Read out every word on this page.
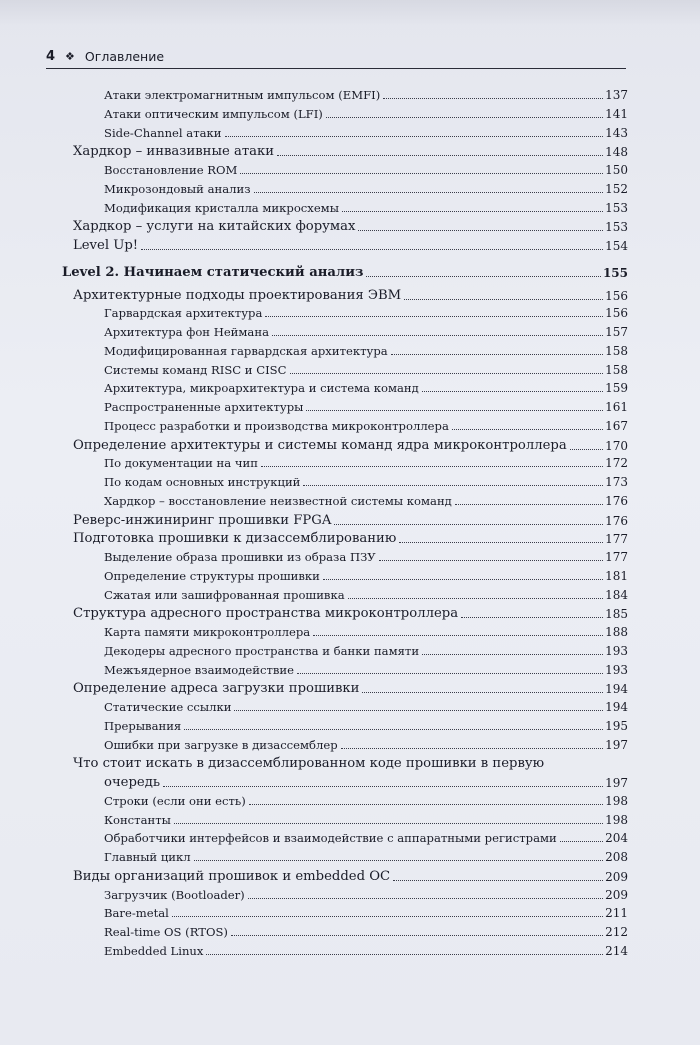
4 ❖ Оглавление
Атаки электромагнитным импульсом (EMFI)	137
Атаки оптическим импульсом (LFI)	141
Side-Channel атаки	143
Хардкор – инвазивные атаки	148
Восстановление ROM	150
Микрозондовый анализ	152
Модификация кристалла микросхемы	153
Хардкор – услуги на китайских форумах	153
Level Up!	154
Level 2. Начинаем статический анализ	155
Архитектурные подходы проектирования ЭВМ	156
Гарвардская архитектура	156
Архитектура фон Неймана	157
Модифицированная гарвардская архитектура	158
Системы команд RISC и CISC	158
Архитектура, микроархитектура и система команд	159
Распространенные архитектуры	161
Процесс разработки и производства микроконтроллера	167
Определение архитектуры и системы команд ядра микроконтроллера	170
По документации на чип	172
По кодам основных инструкций	173
Хардкор – восстановление неизвестной системы команд	176
Реверс-инжиниринг прошивки FPGA	176
Подготовка прошивки к дизассемблированию	177
Выделение образа прошивки из образа ПЗУ	177
Определение структуры прошивки	181
Сжатая или зашифрованная прошивка	184
Структура адресного пространства микроконтроллера	185
Карта памяти микроконтроллера	188
Декодеры адресного пространства и банки памяти	193
Межъядерное взаимодействие	193
Определение адреса загрузки прошивки	194
Статические ссылки	194
Прерывания	195
Ошибки при загрузке в дизассемблер	197
Что стоит искать в дизассемблированном коде прошивки в первую
очередь	197
Строки (если они есть)	198
Константы	198
Обработчики интерфейсов и взаимодействие с аппаратными регистрами	204
Главный цикл	208
Виды организаций прошивок и embedded ОС	209
Загрузчик (Bootloader)	209
Bare-metal	211
Real-time OS (RTOS)	212
Embedded Linux	214
